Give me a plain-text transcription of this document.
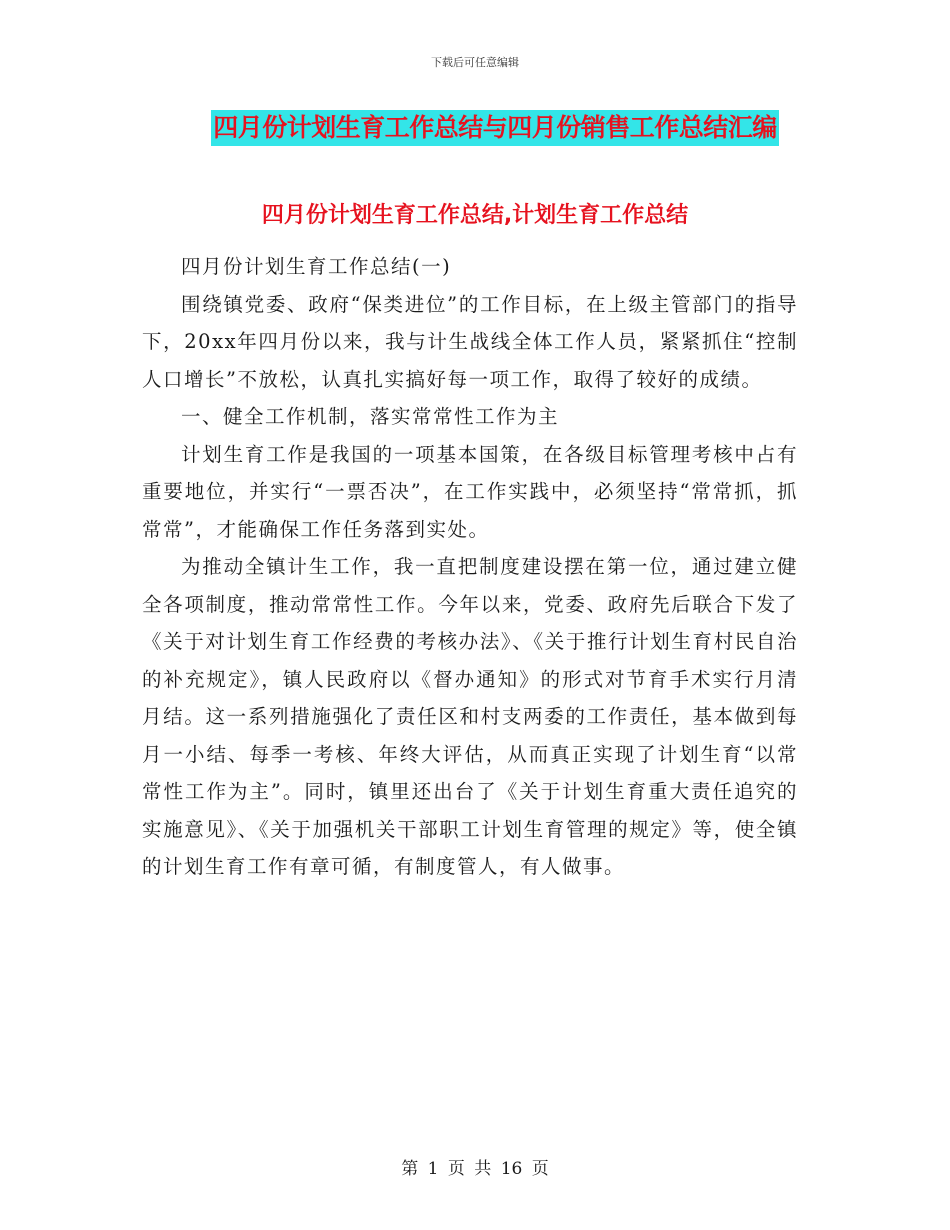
下载后可任意编辑
四月份计划生育工作总结与四月份销售工作总结汇编
四月份计划生育工作总结,计划生育工作总结

四月份计划生育工作总结(一)

围绕镇党委、政府“保类进位”的工作目标，在上级主管部门的指导下，20xx年四月份以来，我与计生战线全体工作人员，紧紧抓住“控制人口增长”不放松，认真扎实搞好每一项工作，取得了较好的成绩。

一、健全工作机制，落实常常性工作为主

计划生育工作是我国的一项基本国策，在各级目标管理考核中占有重要地位，并实行“一票否决”，在工作实践中，必须坚持“常常抓，抓常常”，才能确保工作任务落到实处。

为推动全镇计生工作，我一直把制度建设摆在第一位，通过建立健全各项制度，推动常常性工作。今年以来，党委、政府先后联合下发了《关于对计划生育工作经费的考核办法》、《关于推行计划生育村民自治的补充规定》，镇人民政府以《督办通知》的形式对节育手术实行月清月结。这一系列措施强化了责任区和村支两委的工作责任，基本做到每月一小结、每季一考核、年终大评估，从而真正实现了计划生育“以常常性工作为主”。同时，镇里还出台了《关于计划生育重大责任追究的实施意见》、《关于加强机关干部职工计划生育管理的规定》等，使全镇的计划生育工作有章可循，有制度管人，有人做事。

第 1 页 共 16 页
